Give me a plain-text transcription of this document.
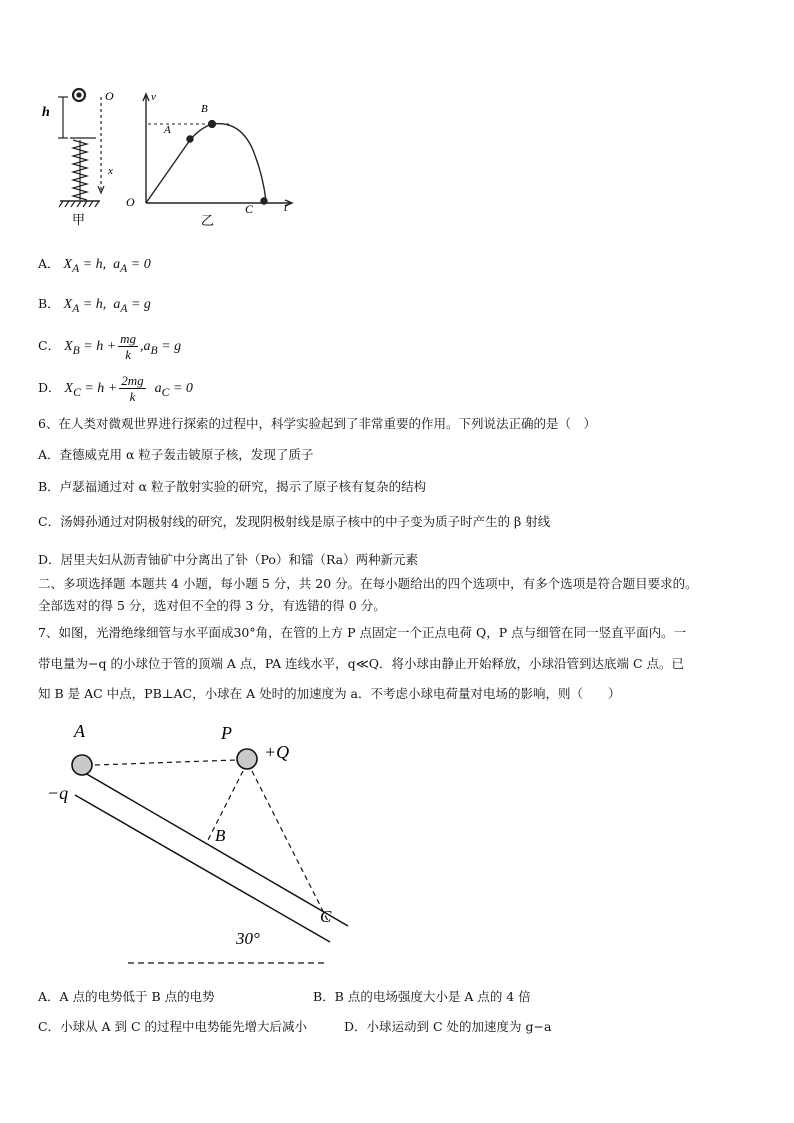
h
O
x
甲
v
O
A
B
C	t
乙
A． $X_A = h$, $a_A = 0$
B． $X_A = h$, $a_A = g$
C． $X_B = h + \frac{mg}{k} ,a_B = g$
D． $X_C = h + \frac{2mg}{k} a_C = 0$
6、在人类对微观世界进行探索的过程中，科学实验起到了非常重要的作用。下列说法正确的是（　）
A．查德威克用 α 粒子轰击铍原子核，发现了质子
B．卢瑟福通过对 α 粒子散射实验的研究，揭示了原子核有复杂的结构
C．汤姆孙通过对阴极射线的研究，发现阴极射线是原子核中的中子变为质子时产生的 β 射线
D．居里夫妇从沥青铀矿中分离出了钋（Po）和镭（Ra）两种新元素
二、多项选择题 本题共 4 小题，每小题 5 分，共 20 分。在每小题给出的四个选项中，有多个选项是符合题目要求的。
全部选对的得 5 分，选对但不全的得 3 分，有选错的得 0 分。
7、如图，光滑绝缘细管与水平面成30°角，在管的上方 P 点固定一个正点电荷 Q，P 点与细管在同一竖直平面内。一
带电量为−q 的小球位于管的顶端 A 点，PA 连线水平，q≪Q．将小球由静止开始释放，小球沿管到达底端 C 点。已
知 B 是 AC 中点，PB⊥AC，小球在 A 处时的加速度为 a．不考虑小球电荷量对电场的影响，则（　　）
A	P
+Q
−q
B
C
30°
A．A 点的电势低于 B 点的电势	B．B 点的电场强度大小是 A 点的 4 倍
C．小球从 A 到 C 的过程中电势能先增大后减小	D．小球运动到 C 处的加速度为 g−a
